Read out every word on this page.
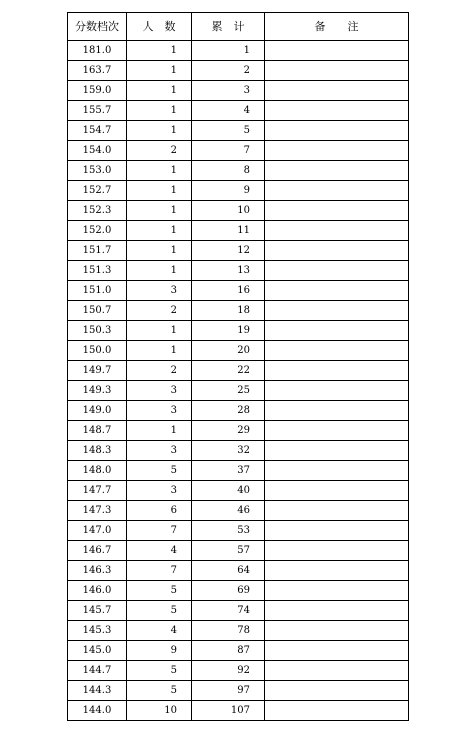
分数档次	人　数	累　计	备　　注
181.0	1	1	
163.7	1	2	
159.0	1	3	
155.7	1	4	
154.7	1	5	
154.0	2	7	
153.0	1	8	
152.7	1	9	
152.3	1	10	
152.0	1	11	
151.7	1	12	
151.3	1	13	
151.0	3	16	
150.7	2	18	
150.3	1	19	
150.0	1	20	
149.7	2	22	
149.3	3	25	
149.0	3	28	
148.7	1	29	
148.3	3	32	
148.0	5	37	
147.7	3	40	
147.3	6	46	
147.0	7	53	
146.7	4	57	
146.3	7	64	
146.0	5	69	
145.7	5	74	
145.3	4	78	
145.0	9	87	
144.7	5	92	
144.3	5	97	
144.0	10	107	
